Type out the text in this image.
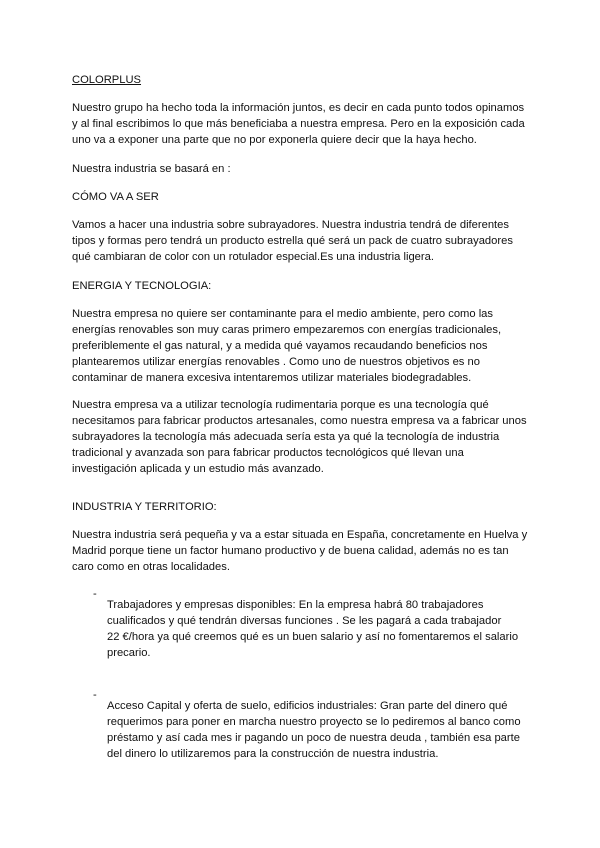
COLORPLUS

Nuestro grupo ha hecho toda la información juntos, es decir en cada punto todos opinamos

y al final escribimos lo que más beneficiaba a nuestra empresa. Pero en la exposición cada

uno va a exponer una parte que no por exponerla quiere decir que la haya hecho.

Nuestra industria se basará en :

CÓMO VA A SER

Vamos a hacer una industria sobre subrayadores. Nuestra industria tendrá de diferentes

tipos y formas pero tendrá un producto estrella qué será un pack de cuatro subrayadores

qué cambiaran de color con un rotulador especial.Es una industria ligera.

ENERGIA Y TECNOLOGIA:

Nuestra empresa no quiere ser contaminante para el medio ambiente, pero como las

energías renovables son muy caras primero empezaremos con energías tradicionales,

preferiblemente el gas natural, y a medida qué vayamos recaudando beneficios nos

plantearemos utilizar energías renovables . Como uno de nuestros objetivos es no

contaminar de manera excesiva intentaremos utilizar materiales biodegradables.

Nuestra empresa va a utilizar tecnología rudimentaria porque es una tecnología qué

necesitamos para fabricar productos artesanales, como nuestra empresa va a fabricar unos

subrayadores la tecnología más adecuada sería esta ya qué la tecnología de industria

tradicional y avanzada son para fabricar productos tecnológicos qué llevan una

investigación aplicada y un estudio más avanzado.

INDUSTRIA Y TERRITORIO:

Nuestra industria será pequeña y va a estar situada en España, concretamente en Huelva y

Madrid porque tiene un factor humano productivo y de buena calidad, además no es tan

caro como en otras localidades.

-

Trabajadores y empresas disponibles: En la empresa habrá 80 trabajadores

cualificados y qué tendrán diversas funciones . Se les pagará a cada trabajador

22 €/hora ya qué creemos qué es un buen salario y así no fomentaremos el salario

precario.

-

Acceso Capital y oferta de suelo, edificios industriales: Gran parte del dinero qué

requerimos para poner en marcha nuestro proyecto se lo pediremos al banco como

préstamo y así cada mes ir pagando un poco de nuestra deuda , también esa parte

del dinero lo utilizaremos para la construcción de nuestra industria.
